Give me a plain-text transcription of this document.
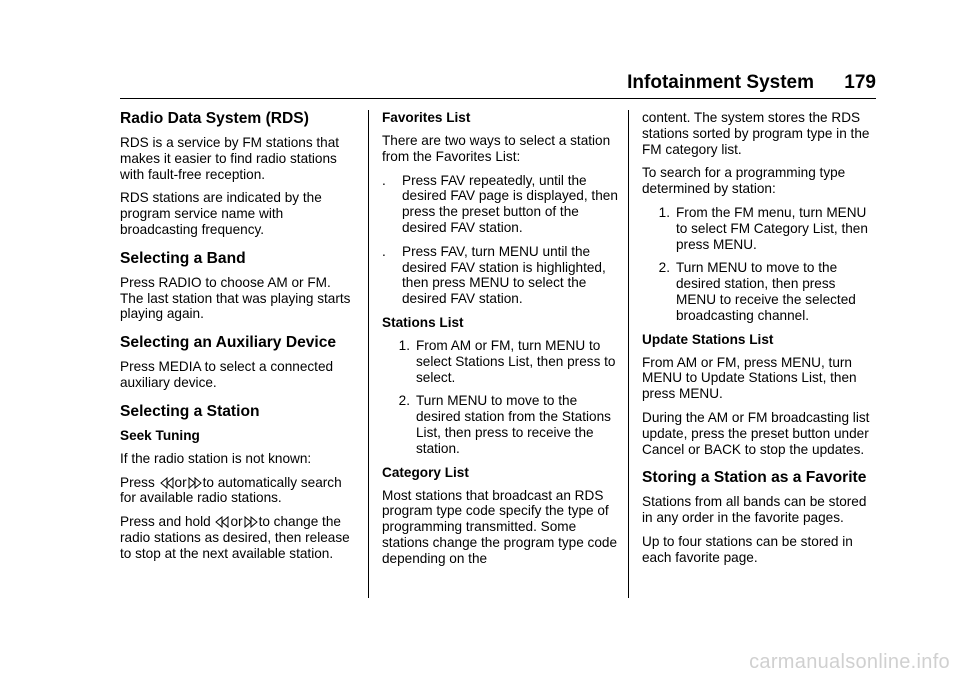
Infotainment System 179
Radio Data System (RDS)

RDS is a service by FM stations that makes it easier to find radio stations with fault-free reception.

RDS stations are indicated by the program service name with broadcasting frequency.

Selecting a Band

Press RADIO to choose AM or FM. The last station that was playing starts playing again.

Selecting an Auxiliary Device

Press MEDIA to select a connected auxiliary device.

Selecting a Station
Seek Tuning

If the radio station is not known:

Press or to automatically search for available radio stations.

Press and hold or to change the radio stations as desired, then release to stop at the next available station.

Favorites List

There are two ways to select a station from the Favorites List:

.	Press FAV repeatedly, until the desired FAV page is displayed, then press the preset button of the desired FAV station.
.	Press FAV, turn MENU until the desired FAV station is highlighted, then press MENU to select the desired FAV station.
Stations List
1. From AM or FM, turn MENU to select Stations List, then press to select.
2. Turn MENU to move to the desired station from the Stations List, then press to receive the station.
Category List

Most stations that broadcast an RDS program type code specify the type of programming transmitted. Some stations change the program type code depending on the

content. The system stores the RDS stations sorted by program type in the FM category list.

To search for a programming type determined by station:

1. From the FM menu, turn MENU to select FM Category List, then press MENU.
2. Turn MENU to move to the desired station, then press MENU to receive the selected broadcasting channel.
Update Stations List

From AM or FM, press MENU, turn MENU to Update Stations List, then press MENU.

During the AM or FM broadcasting list update, press the preset button under Cancel or BACK to stop the updates.

Storing a Station as a Favorite

Stations from all bands can be stored in any order in the favorite pages.

Up to four stations can be stored in each favorite page.

carmanualsonline.info
